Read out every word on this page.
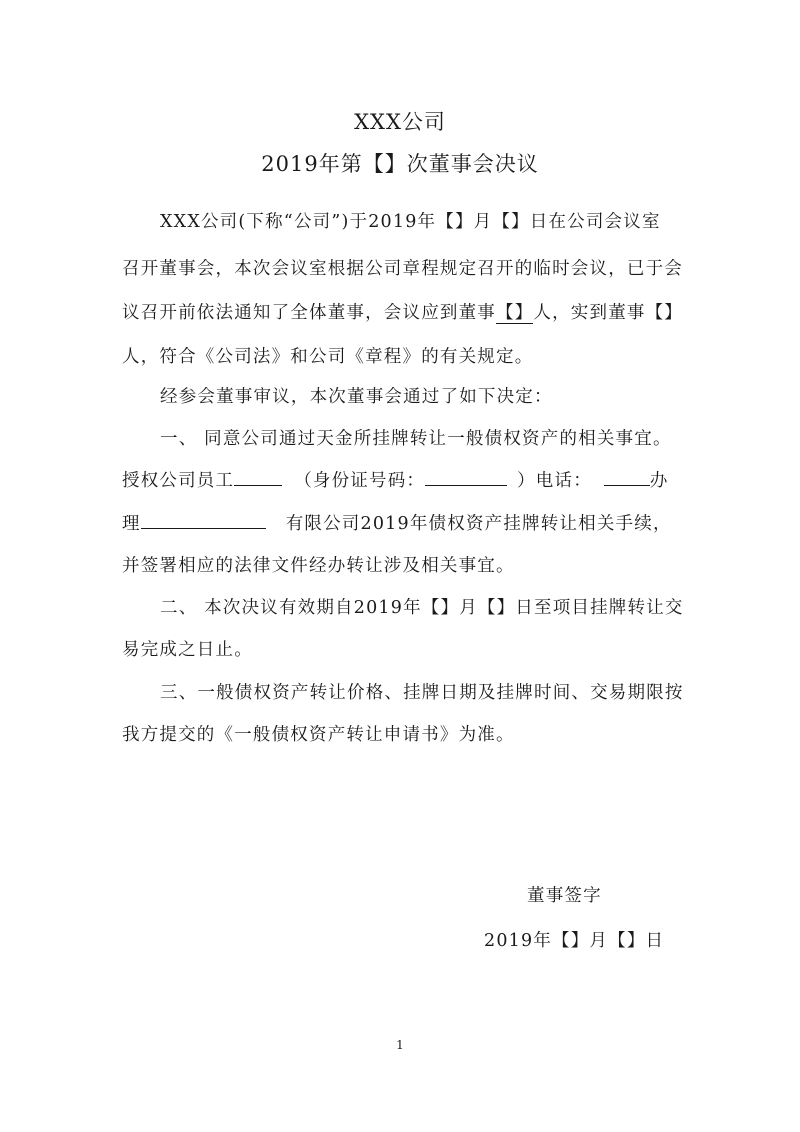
XXX公司
2019年第【】次董事会决议
XXX公司(下称“公司”)于2019年【】月【】日在公司会议室
召开董事会，本次会议室根据公司章程规定召开的临时会议，已于会
议召开前依法通知了全体董事，会议应到董事【】人，实到董事【】
人，符合《公司法》和公司《章程》的有关规定。
经参会董事审议，本次董事会通过了如下决定：
一、 同意公司通过天金所挂牌转让一般债权资产的相关事宜。
授权公司员工	（身份证号码：	）电话：	办
理	有限公司2019年债权资产挂牌转让相关手续，
并签署相应的法律文件经办转让涉及相关事宜。
二、 本次决议有效期自2019年【】月【】日至项目挂牌转让交
易完成之日止。
三、一般债权资产转让价格、挂牌日期及挂牌时间、交易期限按
我方提交的《一般债权资产转让申请书》为准。
董事签字
2019年【】月【】日
1
